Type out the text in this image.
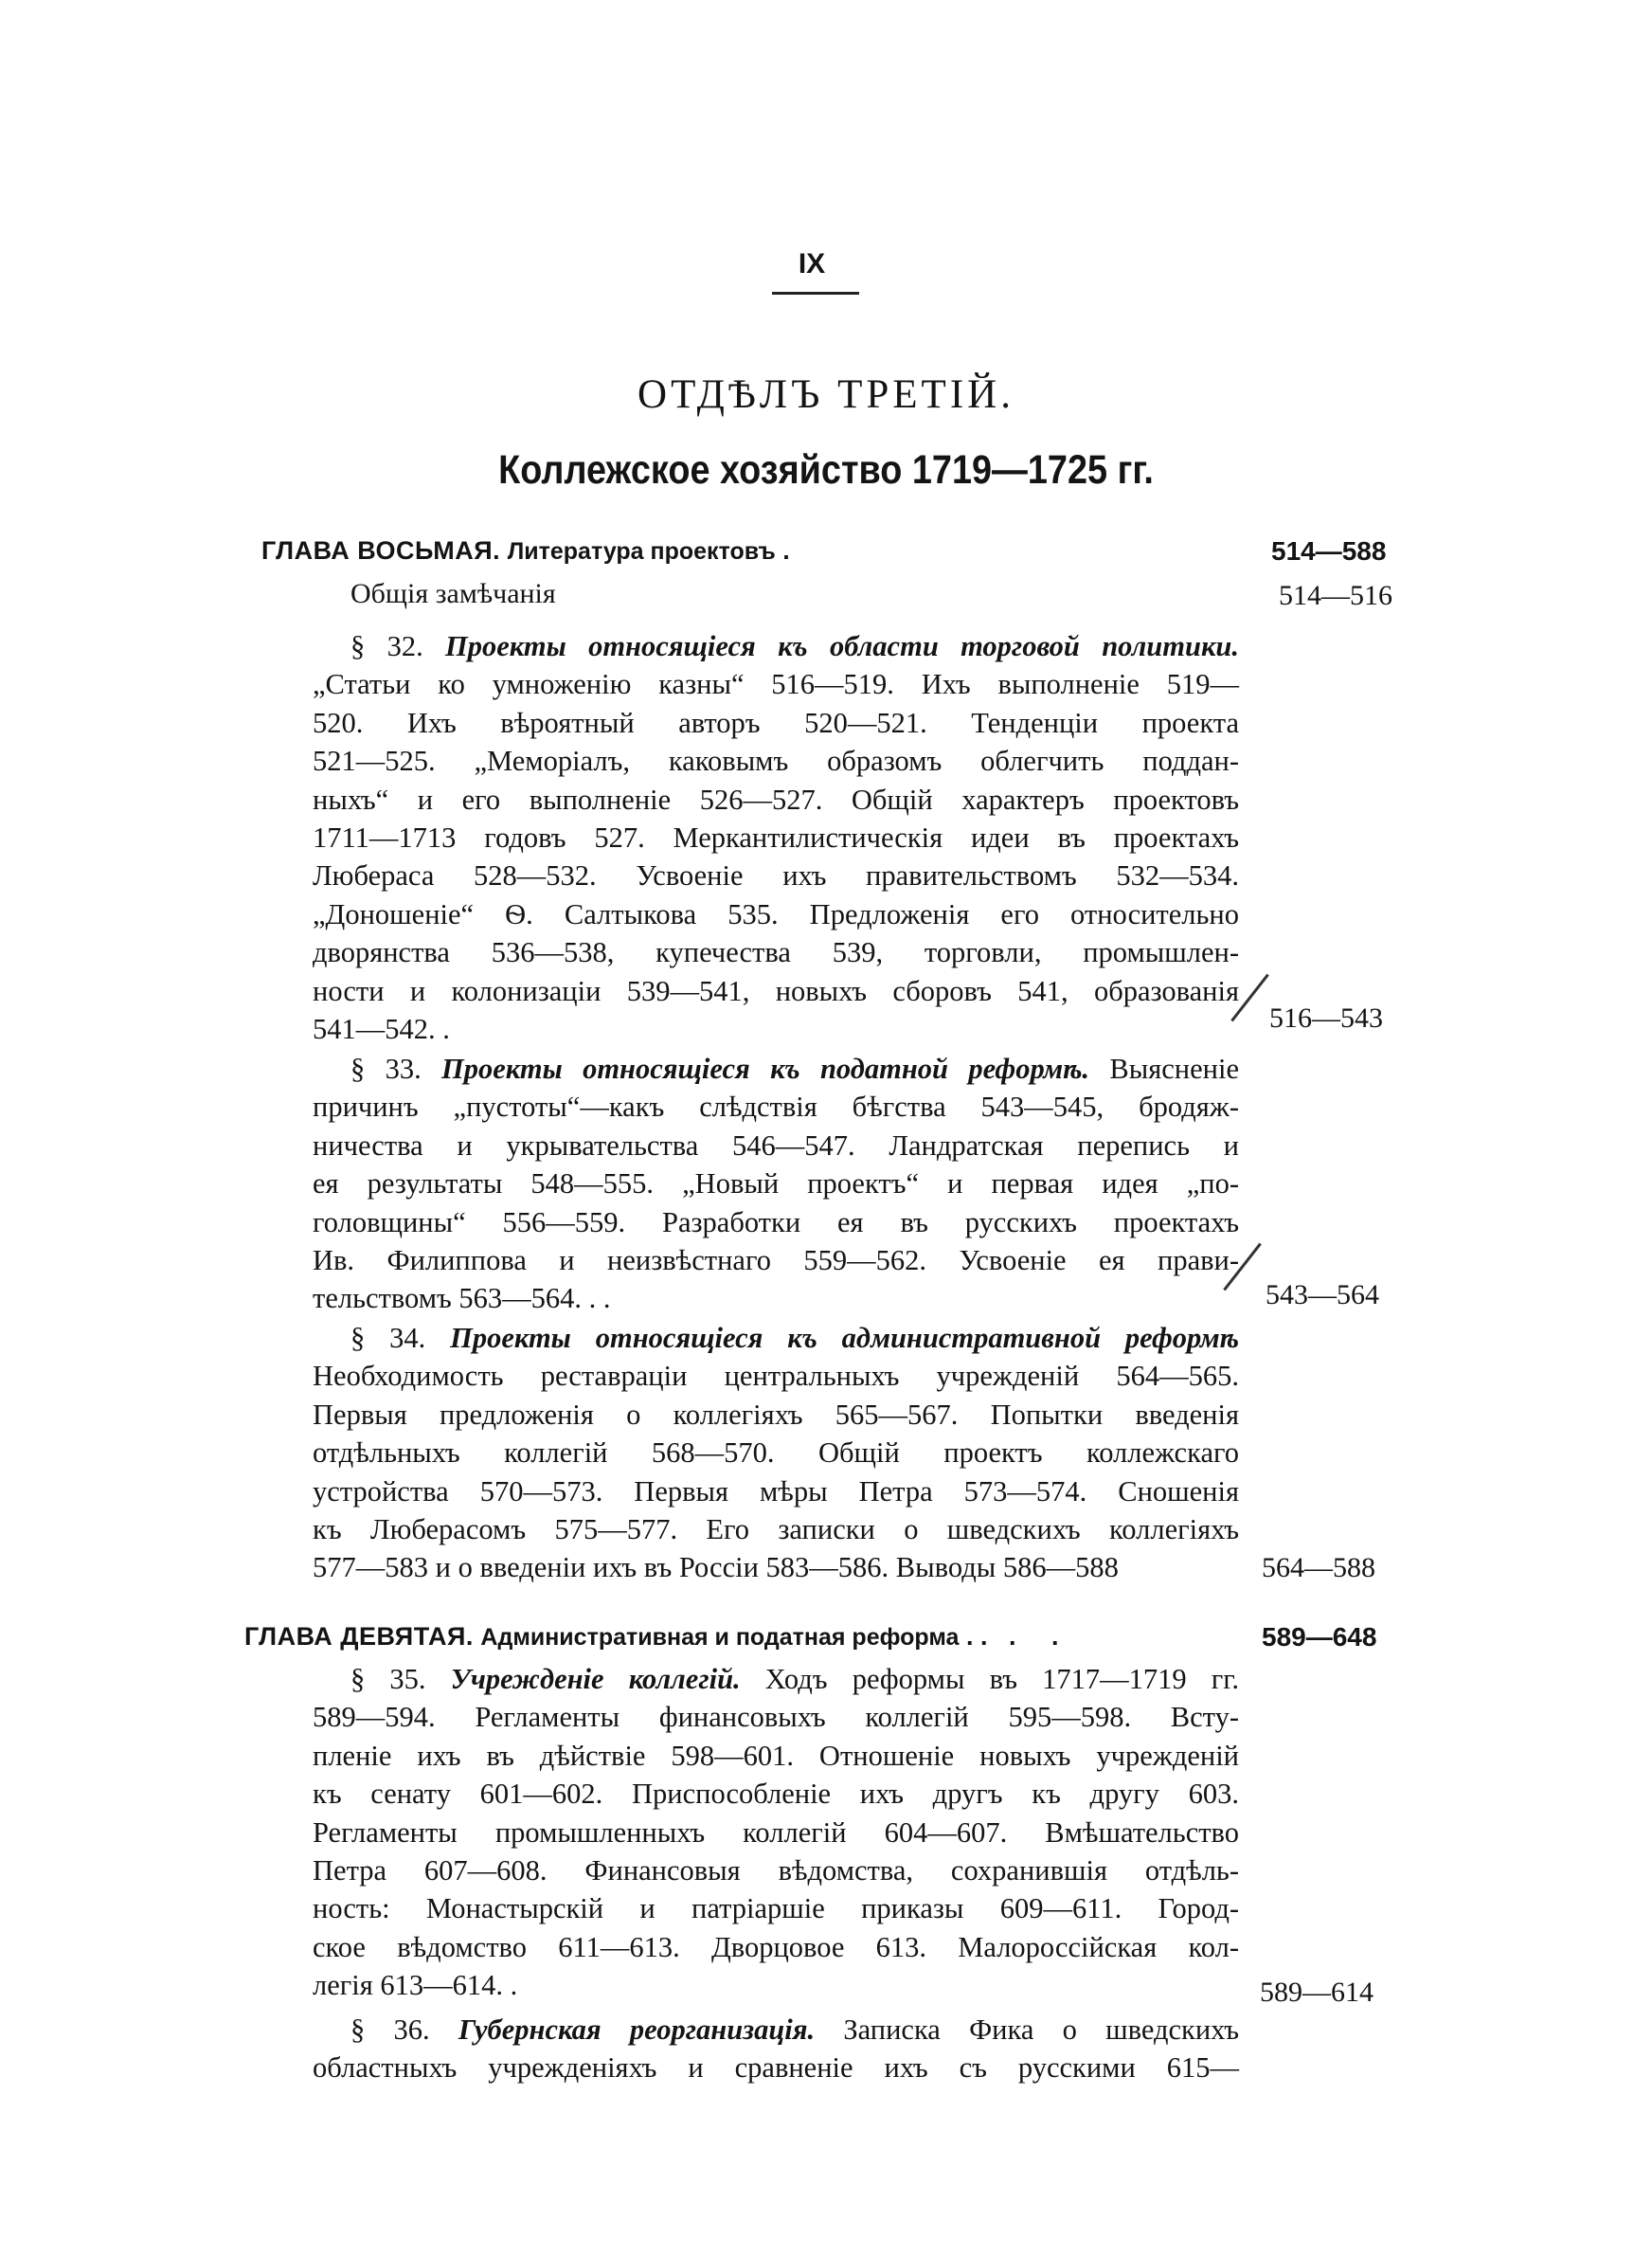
IX
ОТДѢЛЪ ТРЕТІЙ.
Коллежское хозяйство 1719—1725 гг.
ГЛАВА ВОСЬМАЯ. Литература проектовъ .	514—588
Общія замѣчанія	514—516
§ 32. Проекты относящіеся къ области торговой политики.
„Статьи ко умноженію казны“ 516—519. Ихъ выполненіе 519—
520. Ихъ вѣроятный авторъ 520—521. Тенденціи проекта
521—525. „Меморіалъ, каковымъ образомъ облегчить поддан-
ныхъ“ и его выполненіе 526—527. Общій характеръ проектовъ
1711—1713 годовъ 527. Меркантилистическія идеи въ проектахъ
Любераса 528—532. Усвоеніе ихъ правительствомъ 532—534.
„Доношеніе“ Ѳ. Салтыкова 535. Предложенія его относительно
дворянства 536—538, купечества 539, торговли, промышлен-
ности и колонизаціи 539—541, новыхъ сборовъ 541, образованія
541—542. .	516—543
§ 33. Проекты относящіеся къ податной реформѣ. Выясненіе
причинъ „пустоты“—какъ слѣдствія бѣгства 543—545, бродяж-
ничества и укрывательства 546—547. Ландратская перепись и
ея результаты 548—555. „Новый проектъ“ и первая идея „по-
головщины“ 556—559. Разработки ея въ русскихъ проектахъ
Ив. Филиппова и неизвѣстнаго 559—562. Усвоеніе ея прави-
тельствомъ 563—564. . .	543—564
§ 34. Проекты относящіеся къ административной реформѣ
Необходимость реставраціи центральныхъ учрежденій 564—565.
Первыя предложенія о коллегіяхъ 565—567. Попытки введенія
отдѣльныхъ коллегій 568—570. Общій проектъ коллежскаго
устройства 570—573. Первыя мѣры Петра 573—574. Сношенія
къ Люберасомъ 575—577. Его записки о шведскихъ коллегіяхъ
577—583 и о введеніи ихъ въ Россіи 583—586. Выводы 586—588	564—588
ГЛАВА ДЕВЯТАЯ. Административная и податная реформа . .   .     .	589—648
§ 35. Учрежденіе коллегій. Ходъ реформы въ 1717—1719 гг.
589—594. Регламенты финансовыхъ коллегій 595—598. Всту-
пленіе ихъ въ дѣйствіе 598—601. Отношеніе новыхъ учрежденій
къ сенату 601—602. Приспособленіе ихъ другъ къ другу 603.
Регламенты промышленныхъ коллегій 604—607. Вмѣшательство
Петра 607—608. Финансовыя вѣдомства, сохранившія отдѣль-
ность: Монастырскій и патріаршіе приказы 609—611. Город-
ское вѣдомство 611—613. Дворцовое 613. Малороссійская кол-
легія 613—614. .	589—614
§ 36. Губернская реорганизація. Записка Фика о шведскихъ
областныхъ учрежденіяхъ и сравненіе ихъ съ русскими 615—
